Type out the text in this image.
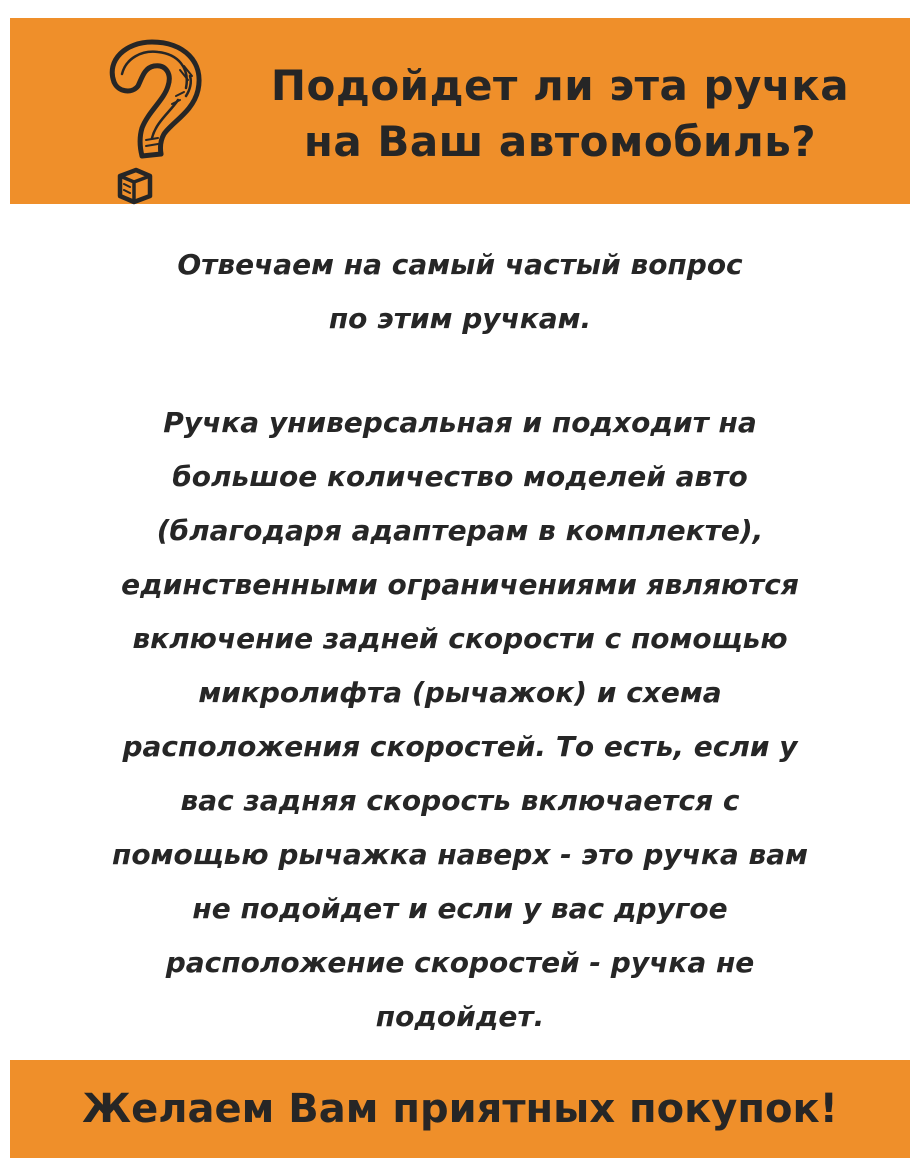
Подойдет ли эта ручка
на Ваш автомобиль?
Отвечаем на самый частый вопрос
по этим ручкам.
Ручка универсальная и подходит на
большое количество моделей авто
(благодаря адаптерам в комплекте),
единственными ограничениями являются
включение задней скорости с помощью
микролифта (рычажок) и схема
расположения скоростей. То есть, если у
вас задняя скорость включается с
помощью рычажка наверх - это ручка вам
не подойдет и если у вас другое
расположение скоростей - ручка не
подойдет.
Желаем Вам приятных покупок!
